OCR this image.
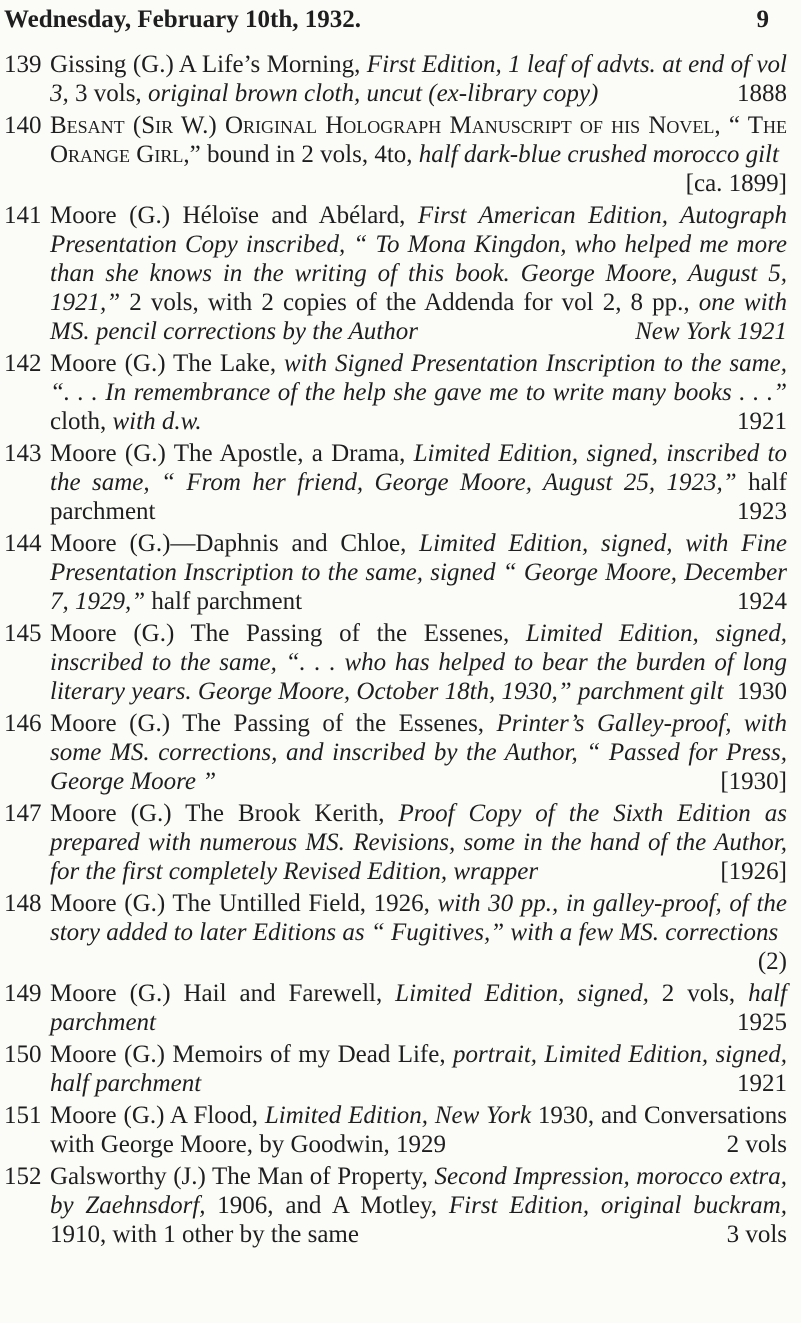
Wednesday, February 10th, 1932.	9
139 Gissing (G.) A Life’s Morning, First Edition, 1 leaf of advts. at end of vol 3, 3 vols, original brown cloth, uncut (ex-library copy)	1888
140 Besant (Sir W.) Original Holograph Manuscript of his Novel, “ The Orange Girl,” bound in 2 vols, 4to, half dark-blue crushed morocco gilt
[ca. 1899]
141 Moore (G.) Héloïse and Abélard, First American Edition, Autograph Presentation Copy inscribed, “ To Mona Kingdon, who helped me more than she knows in the writing of this book. George Moore, August 5, 1921,” 2 vols, with 2 copies of the Addenda for vol 2, 8 pp., one with MS. pencil corrections by the Author	New York 1921
142 Moore (G.) The Lake, with Signed Presentation Inscription to the same, “. . . In remembrance of the help she gave me to write many books . . .” cloth, with d.w.	1921
143 Moore (G.) The Apostle, a Drama, Limited Edition, signed, inscribed to the same, “ From her friend, George Moore, August 25, 1923,” half parchment	1923
144 Moore (G.)—Daphnis and Chloe, Limited Edition, signed, with Fine Presentation Inscription to the same, signed “ George Moore, December 7, 1929,” half parchment	1924
145 Moore (G.) The Passing of the Essenes, Limited Edition, signed, inscribed to the same, “. . . who has helped to bear the burden of long literary years. George Moore, October 18th, 1930,” parchment gilt 1930
146 Moore (G.) The Passing of the Essenes, Printer’s Galley-proof, with some MS. corrections, and inscribed by the Author, “ Passed for Press, George Moore ”	[1930]
147 Moore (G.) The Brook Kerith, Proof Copy of the Sixth Edition as prepared with numerous MS. Revisions, some in the hand of the Author, for the first completely Revised Edition, wrapper	[1926]
148 Moore (G.) The Untilled Field, 1926, with 30 pp., in galley-proof, of the story added to later Editions as “ Fugitives,” with a few MS. corrections
(2)
149 Moore (G.) Hail and Farewell, Limited Edition, signed, 2 vols, half parchment	1925
150 Moore (G.) Memoirs of my Dead Life, portrait, Limited Edition, signed, half parchment	1921
151 Moore (G.) A Flood, Limited Edition, New York 1930, and Conversations with George Moore, by Goodwin, 1929	2 vols
152 Galsworthy (J.) The Man of Property, Second Impression, morocco extra, by Zaehnsdorf, 1906, and A Motley, First Edition, original buckram, 1910, with 1 other by the same	3 vols
